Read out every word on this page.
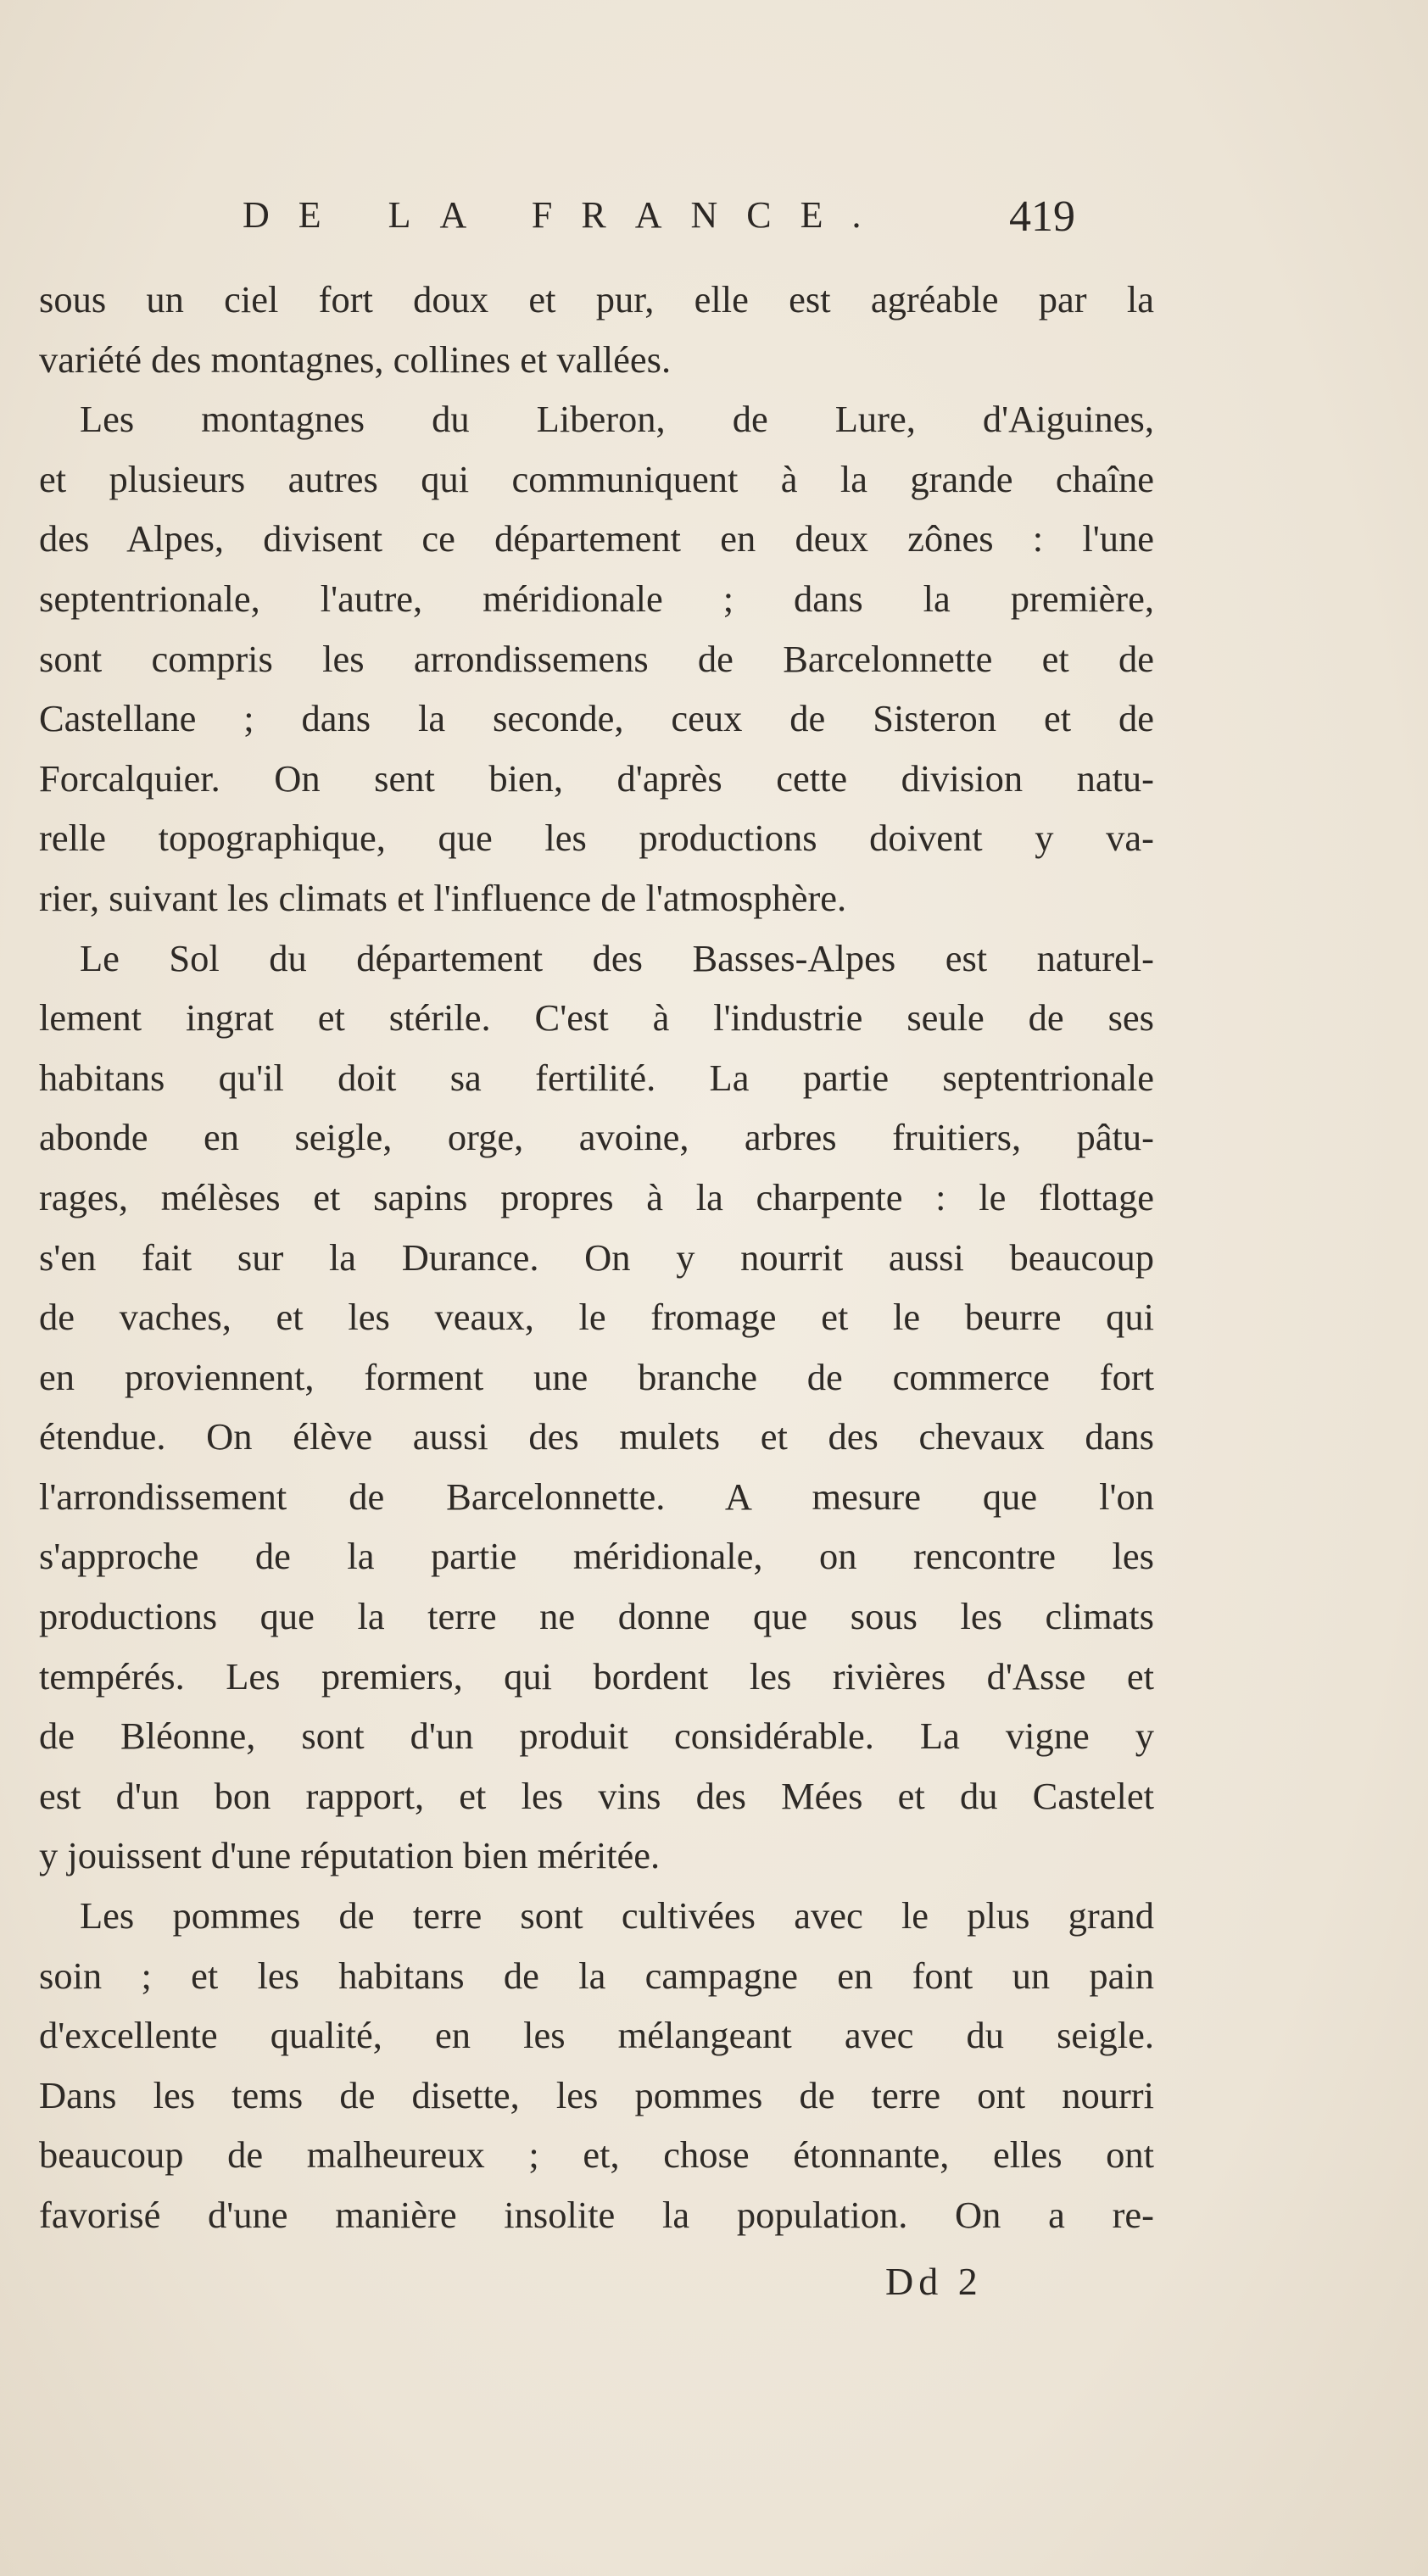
DE LA FRANCE.	419
sous un ciel fort doux et pur, elle est agréable par la
variété des montagnes, collines et vallées.
Les montagnes du Liberon, de Lure, d'Aiguines,
et plusieurs autres qui communiquent à la grande chaîne
des Alpes, divisent ce département en deux zônes : l'une
septentrionale, l'autre, méridionale ; dans la première,
sont compris les arrondissemens de Barcelonnette et de
Castellane ; dans la seconde, ceux de Sisteron et de
Forcalquier. On sent bien, d'après cette division natu-
relle topographique, que les productions doivent y va-
rier, suivant les climats et l'influence de l'atmosphère.
Le Sol du département des Basses-Alpes est naturel-
lement ingrat et stérile. C'est à l'industrie seule de ses
habitans qu'il doit sa fertilité. La partie septentrionale
abonde en seigle, orge, avoine, arbres fruitiers, pâtu-
rages, mélèses et sapins propres à la charpente : le flottage
s'en fait sur la Durance. On y nourrit aussi beaucoup
de vaches, et les veaux, le fromage et le beurre qui
en proviennent, forment une branche de commerce fort
étendue. On élève aussi des mulets et des chevaux dans
l'arrondissement de Barcelonnette. A mesure que l'on
s'approche de la partie méridionale, on rencontre les
productions que la terre ne donne que sous les climats
tempérés. Les premiers, qui bordent les rivières d'Asse et
de Bléonne, sont d'un produit considérable. La vigne y
est d'un bon rapport, et les vins des Mées et du Castelet
y jouissent d'une réputation bien méritée.
Les pommes de terre sont cultivées avec le plus grand
soin ; et les habitans de la campagne en font un pain
d'excellente qualité, en les mélangeant avec du seigle.
Dans les tems de disette, les pommes de terre ont nourri
beaucoup de malheureux ; et, chose étonnante, elles ont
favorisé d'une manière insolite la population. On a re-
Dd 2
